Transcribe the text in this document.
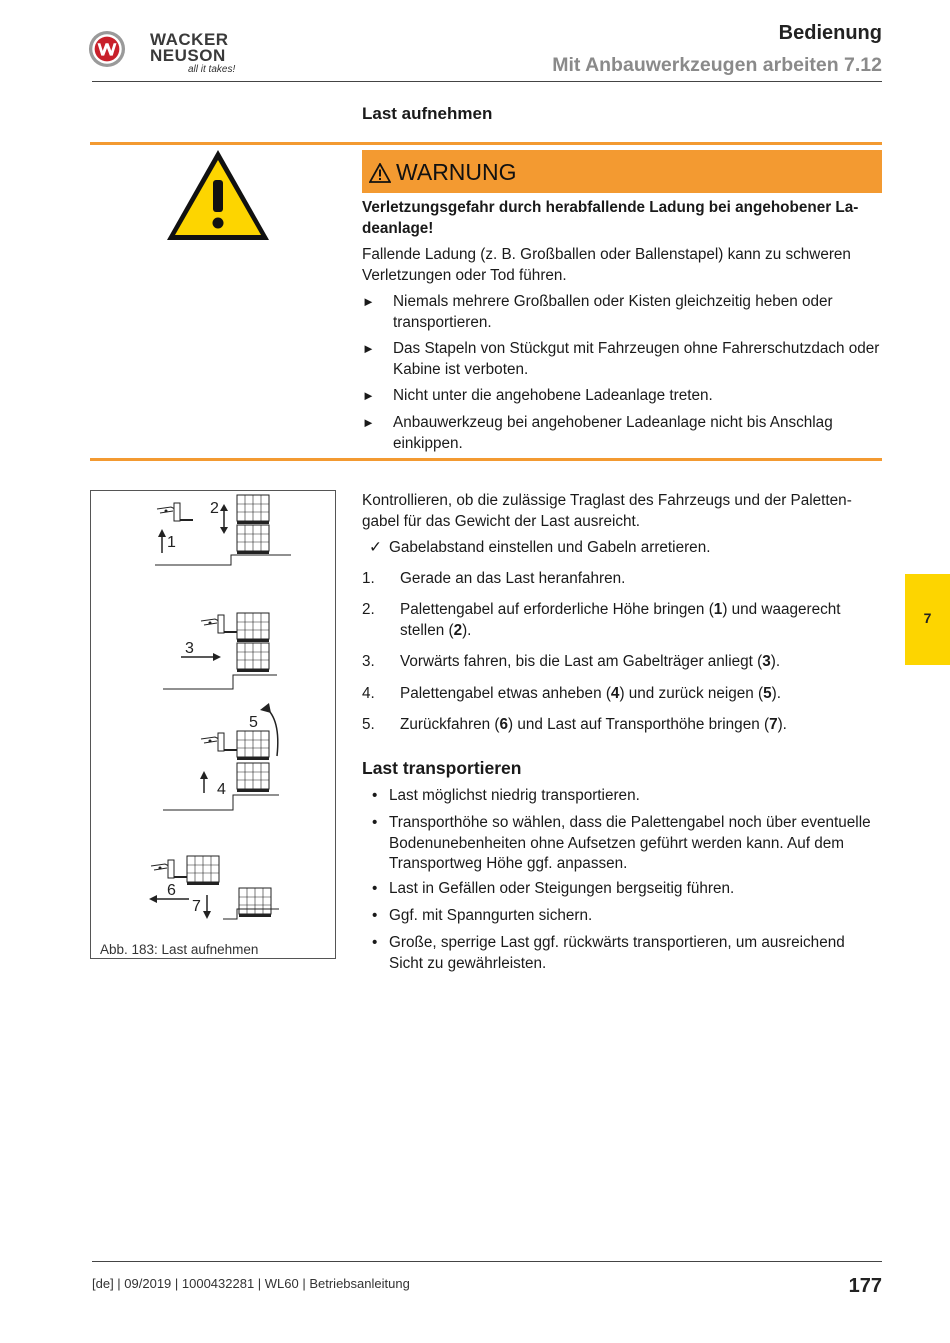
WACKER
NEUSON
all it takes!
Bedienung
Mit Anbauwerkzeugen arbeiten 7.12
Last aufnehmen
WARNUNG
Verletzungsgefahr durch herabfallende Ladung bei angehobener Ladeanlage!
Fallende Ladung (z. B. Großballen oder Ballenstapel) kann zu schweren Verletzungen oder Tod führen.
► Niemals mehrere Großballen oder Kisten gleichzeitig heben oder transportieren.
► Das Stapeln von Stückgut mit Fahrzeugen ohne Fahrerschutzdach oder Kabine ist verboten.
► Nicht unter die angehobene Ladeanlage treten.
► Anbauwerkzeug bei angehobener Ladeanlage nicht bis Anschlag einkippen.
2
1
3
5
4
6
7
Abb. 183: Last aufnehmen
Kontrollieren, ob die zulässige Traglast des Fahrzeugs und der Palettengabel für das Gewicht der Last ausreicht.
✓ Gabelabstand einstellen und Gabeln arretieren.
1. Gerade an das Last heranfahren.
2. Palettengabel auf erforderliche Höhe bringen (1) und waagerecht stellen (2).
3. Vorwärts fahren, bis die Last am Gabelträger anliegt (3).
4. Palettengabel etwas anheben (4) und zurück neigen (5).
5. Zurückfahren (6) und Last auf Transporthöhe bringen (7).
Last transportieren
• Last möglichst niedrig transportieren.
• Transporthöhe so wählen, dass die Palettengabel noch über eventuelle Bodenunebenheiten ohne Aufsetzen geführt werden kann. Auf dem Transportweg Höhe ggf. anpassen.
• Last in Gefällen oder Steigungen bergseitig führen.
• Ggf. mit Spanngurten sichern.
• Große, sperrige Last ggf. rückwärts transportieren, um ausreichend Sicht zu gewährleisten.
7
[de] | 09/2019 | 1000432281 | WL60 | Betriebsanleitung	177
